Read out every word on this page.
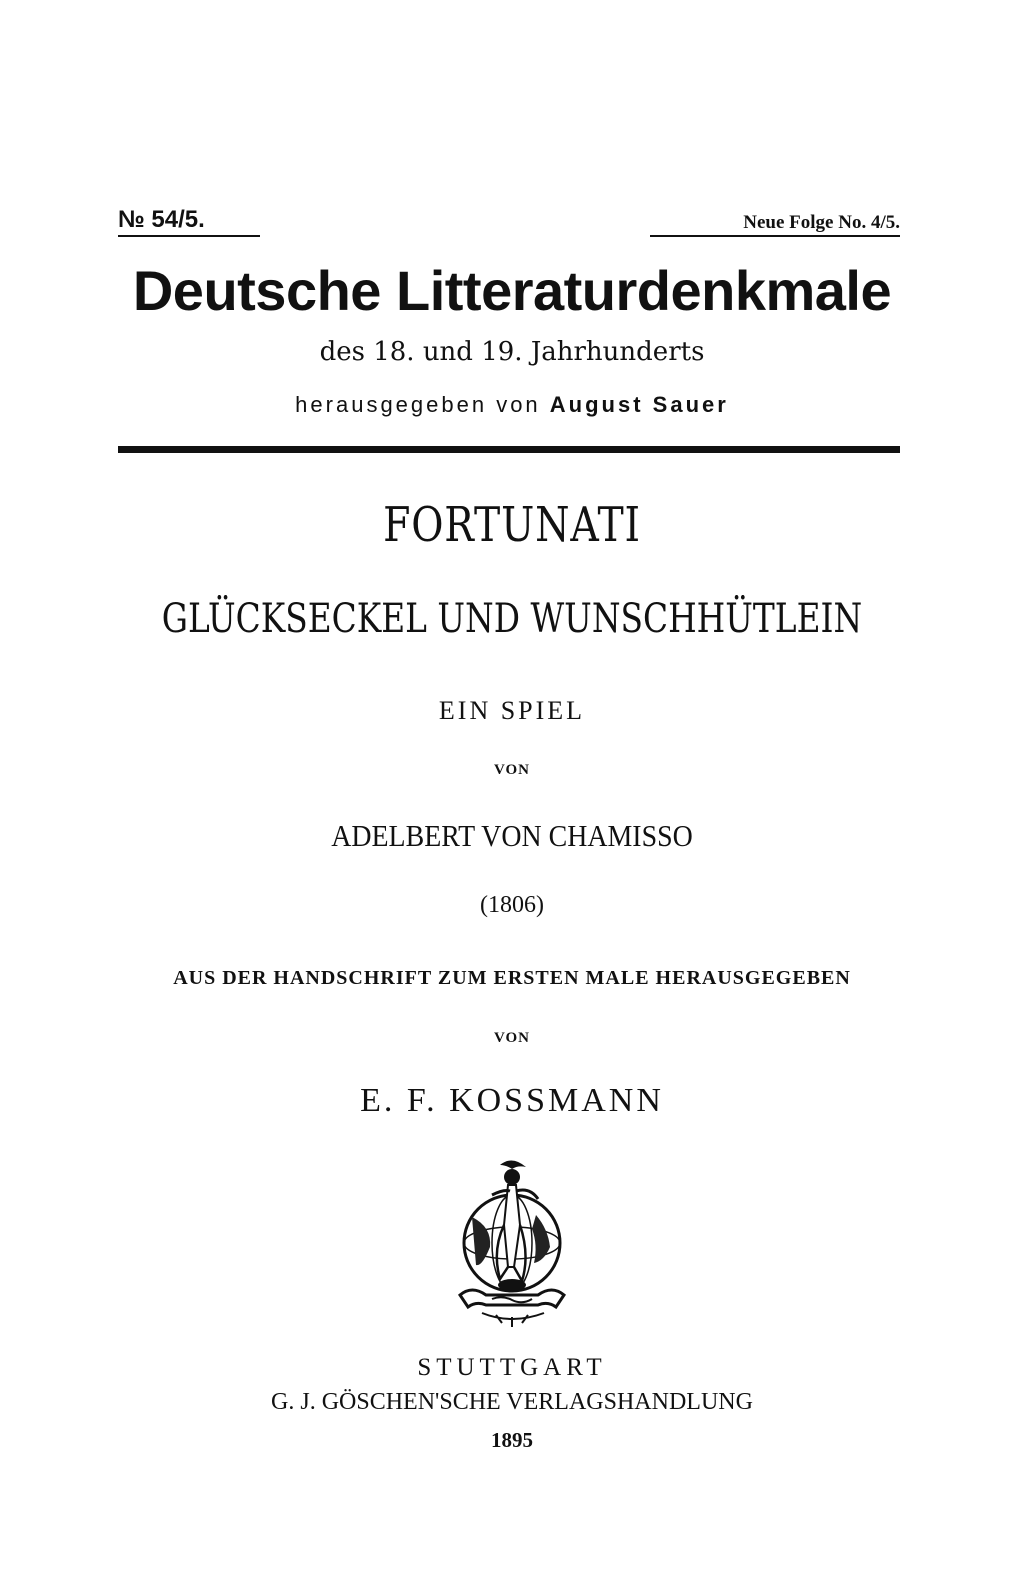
№ 54/5.	Neue Folge No. 4/5.
Deutsche Litteraturdenkmale
des 18. und 19. Jahrhunderts
herausgegeben von August Sauer
FORTUNATI
GLÜCKSECKEL UND WUNSCHHÜTLEIN
EIN SPIEL
VON
ADELBERT VON CHAMISSO
(1806)
AUS DER HANDSCHRIFT ZUM ERSTEN MALE HERAUSGEGEBEN
VON
E. F. KOSSMANN
STUTTGART
G. J. GÖSCHEN'SCHE VERLAGSHANDLUNG
1895
